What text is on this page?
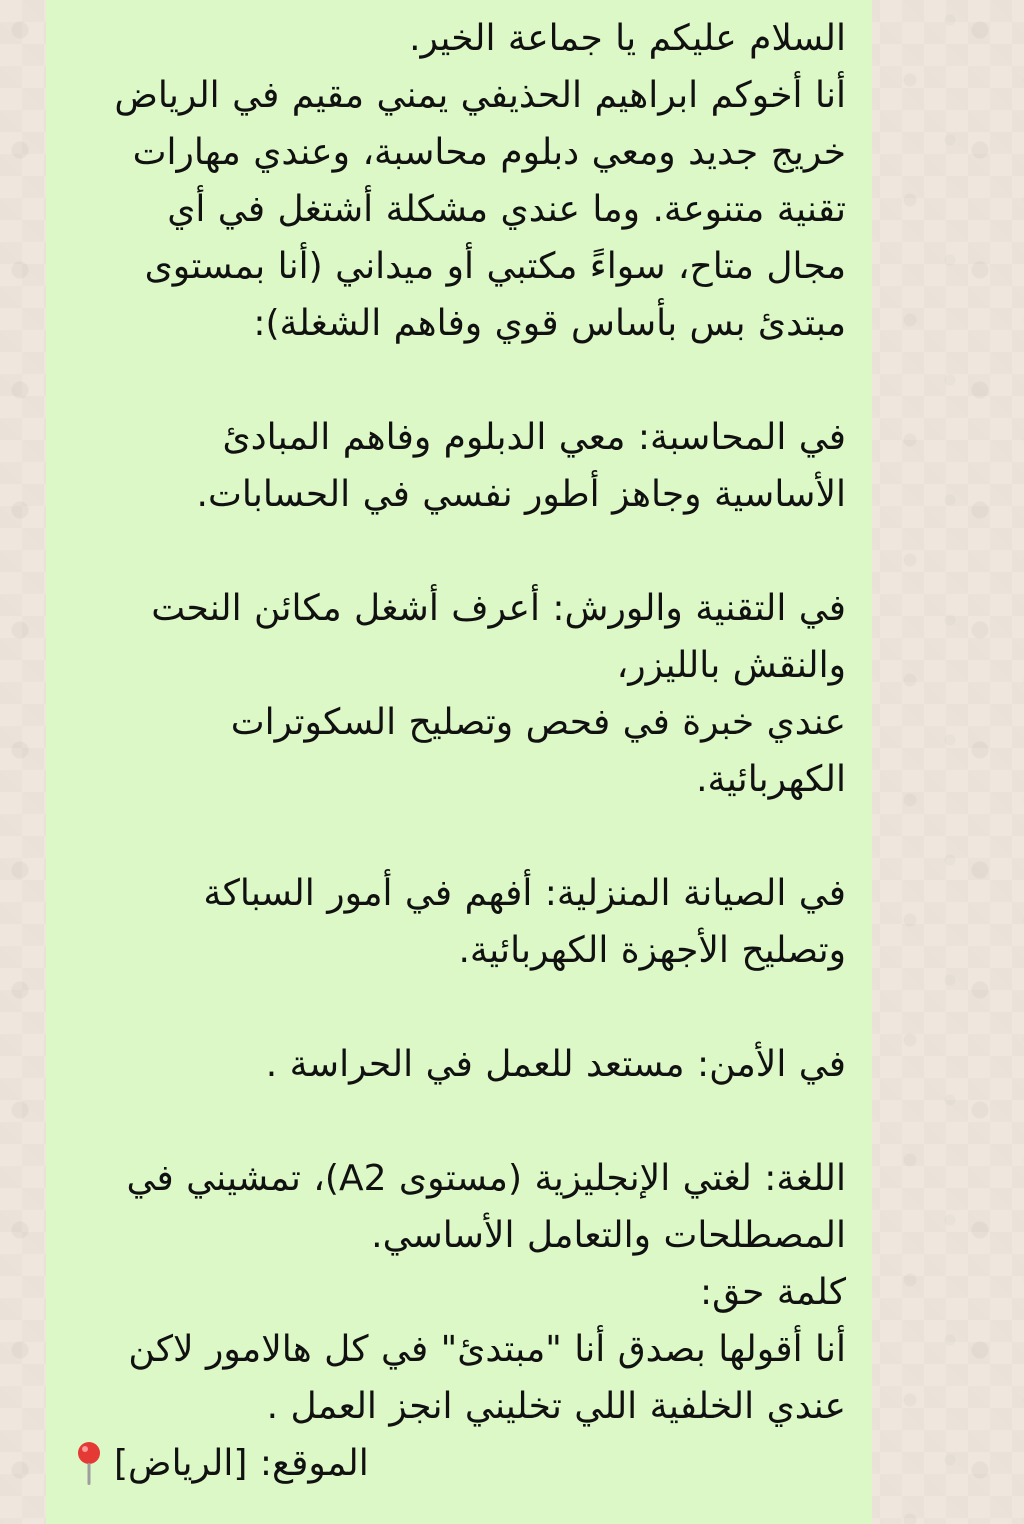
السلام عليكم يا جماعة الخير.
أنا أخوكم ابراهيم الحذيفي يمني مقيم في الرياض
خريج جديد ومعي دبلوم محاسبة، وعندي مهارات
تقنية متنوعة. وما عندي مشكلة أشتغل في أي
مجال متاح، سواءً مكتبي أو ميداني (أنا بمستوى
مبتدئ بس بأساس قوي وفاهم الشغلة):
في المحاسبة: معي الدبلوم وفاهم المبادئ
الأساسية وجاهز أطور نفسي في الحسابات.
في التقنية والورش: أعرف أشغل مكائن النحت
والنقش بالليزر،
عندي خبرة في فحص وتصليح السكوترات
الكهربائية.
في الصيانة المنزلية: أفهم في أمور السباكة
وتصليح الأجهزة الكهربائية.
في الأمن: مستعد للعمل في الحراسة .
اللغة: لغتي الإنجليزية (مستوى A2)، تمشيني في
المصطلحات والتعامل الأساسي.
كلمة حق:
أنا أقولها بصدق أنا "مبتدئ" في كل هالامور لاكن
عندي الخلفية اللي تخليني انجز العمل .
الموقع: [الرياض]
